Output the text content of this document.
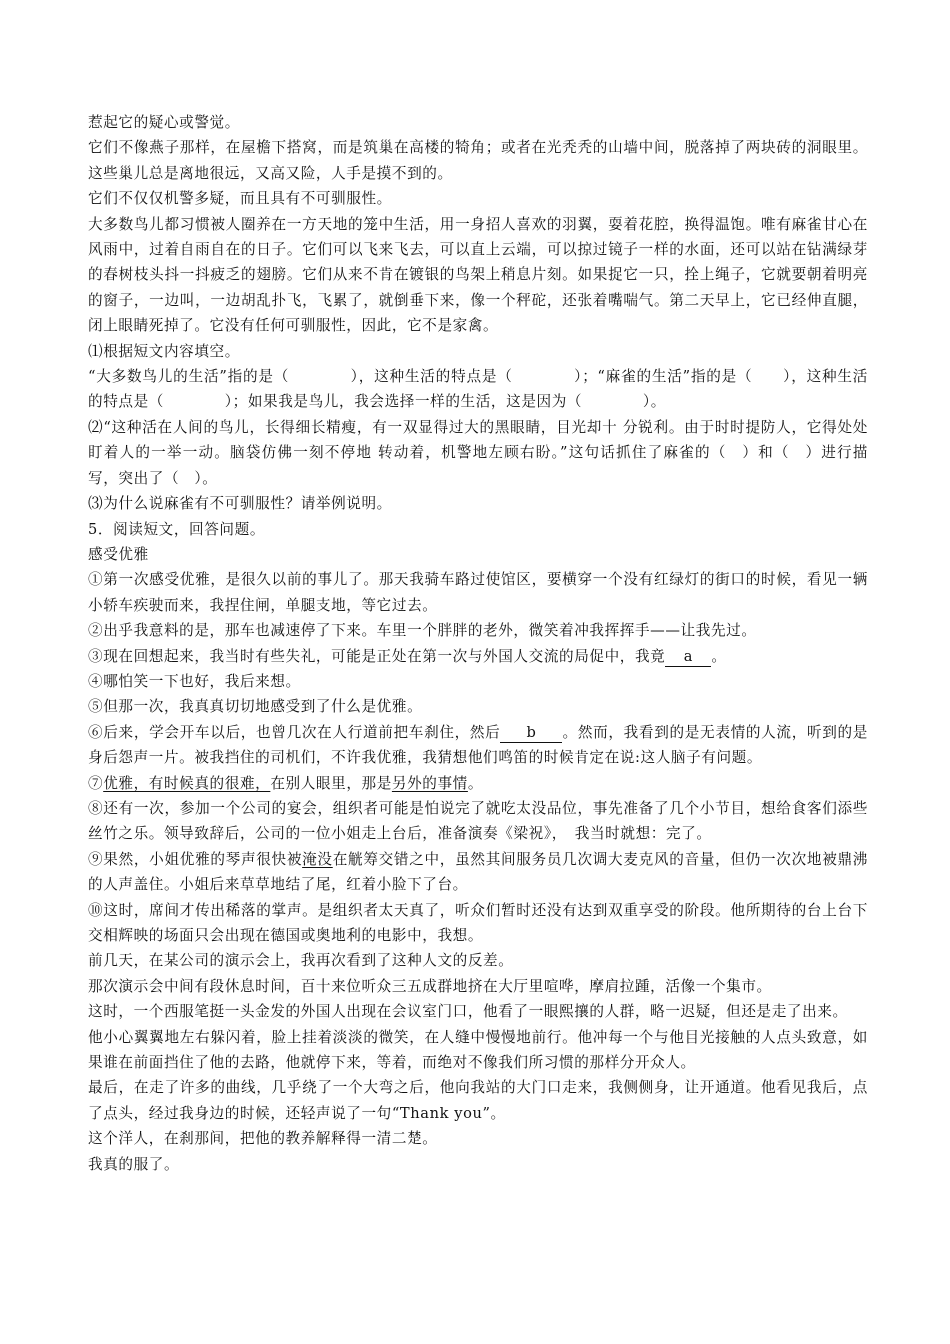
惹起它的疑心或警觉。

它们不像燕子那样，在屋檐下搭窝，而是筑巢在高楼的犄角；或者在光秃秃的山墙中间，脱落掉了两块砖的洞眼里。这些巢儿总是离地很远，又高又险，人手是摸不到的。

它们不仅仅机警多疑，而且具有不可驯服性。

大多数鸟儿都习惯被人圈养在一方天地的笼中生活，用一身招人喜欢的羽翼，耍着花腔，换得温饱。唯有麻雀甘心在风雨中，过着自雨自在的日子。它们可以飞来飞去，可以直上云端，可以掠过镜子一样的水面，还可以站在钻满绿芽的春树枝头抖一抖疲乏的翅膀。它们从来不肯在镀银的鸟架上稍息片刻。如果捉它一只，拴上绳子，它就要朝着明亮的窗子，一边叫，一边胡乱扑飞，飞累了，就倒垂下来，像一个秤砣，还张着嘴喘气。第二天早上，它已经伸直腿，闭上眼睛死掉了。它没有任何可驯服性，因此，它不是家禽。

⑴根据短文内容填空。

“大多数鸟儿的生活”指的是（　　　　），这种生活的特点是（　　　　）；“麻雀的生活”指的是（　　），这种生活的特点是（　　　　）；如果我是鸟儿，我会选择一样的生活，这是因为（　　　　）。

⑵“这种活在人间的鸟儿，长得细长精瘦，有一双显得过大的黑眼睛，目光却十 分锐利。由于时时提防人，它得处处盯着人的一举一动。脑袋仿佛一刻不停地 转动着，机警地左顾右盼。”这句话抓住了麻雀的（　）和（　）进行描写，突出了（　）。

⑶为什么说麻雀有不可驯服性？请举例说明。

5．阅读短文，回答问题。

感受优雅

①第一次感受优雅，是很久以前的事儿了。那天我骑车路过使馆区，要横穿一个没有红绿灯的街口的时候，看见一辆小轿车疾驶而来，我捏住闸，单腿支地，等它过去。

②出乎我意料的是，那车也减速停了下来。车里一个胖胖的老外，微笑着冲我挥挥手——让我先过。

③现在回想起来，我当时有些失礼，可能是正处在第一次与外国人交流的局促中，我竟 a 。

④哪怕笑一下也好，我后来想。

⑤但那一次，我真真切切地感受到了什么是优雅。

⑥后来，学会开车以后，也曾几次在人行道前把车刹住，然后 b 。然而，我看到的是无表情的人流，听到的是身后怨声一片。被我挡住的司机们，不许我优雅，我猜想他们鸣笛的时候肯定在说:这人脑子有问题。

⑦优雅，有时候真的很难，在别人眼里，那是另外的事情。

⑧还有一次，参加一个公司的宴会，组织者可能是怕说完了就吃太没品位，事先准备了几个小节目，想给食客们添些丝竹之乐。领导致辞后，公司的一位小姐走上台后，准备演奏《梁祝》，　我当时就想：完了。

⑨果然，小姐优雅的琴声很快被淹没在觥筹交错之中，虽然其间服务员几次调大麦克风的音量，但仍一次次地被鼎沸的人声盖住。小姐后来草草地结了尾，红着小脸下了台。

⑩这时，席间才传出稀落的掌声。是组织者太天真了，听众们暂时还没有达到双重享受的阶段。他所期待的台上台下交相辉映的场面只会出现在德国或奥地利的电影中，我想。

前几天，在某公司的演示会上，我再次看到了这种人文的反差。

那次演示会中间有段休息时间，百十来位听众三五成群地挤在大厅里喧哗，摩肩拉踵，活像一个集市。

这时，一个西服笔挺一头金发的外国人出现在会议室门口，他看了一眼熙攘的人群，略一迟疑，但还是走了出来。

他小心翼翼地左右躲闪着，脸上挂着淡淡的微笑，在人缝中慢慢地前行。他冲每一个与他目光接触的人点头致意，如果谁在前面挡住了他的去路，他就停下来，等着，而绝对不像我们所习惯的那样分开众人。

最后，在走了许多的曲线，几乎绕了一个大弯之后，他向我站的大门口走来，我侧侧身，让开通道。他看见我后，点了点头，经过我身边的时候，还轻声说了一句“Thank you”。

这个洋人，在刹那间，把他的教养解释得一清二楚。

我真的服了。
